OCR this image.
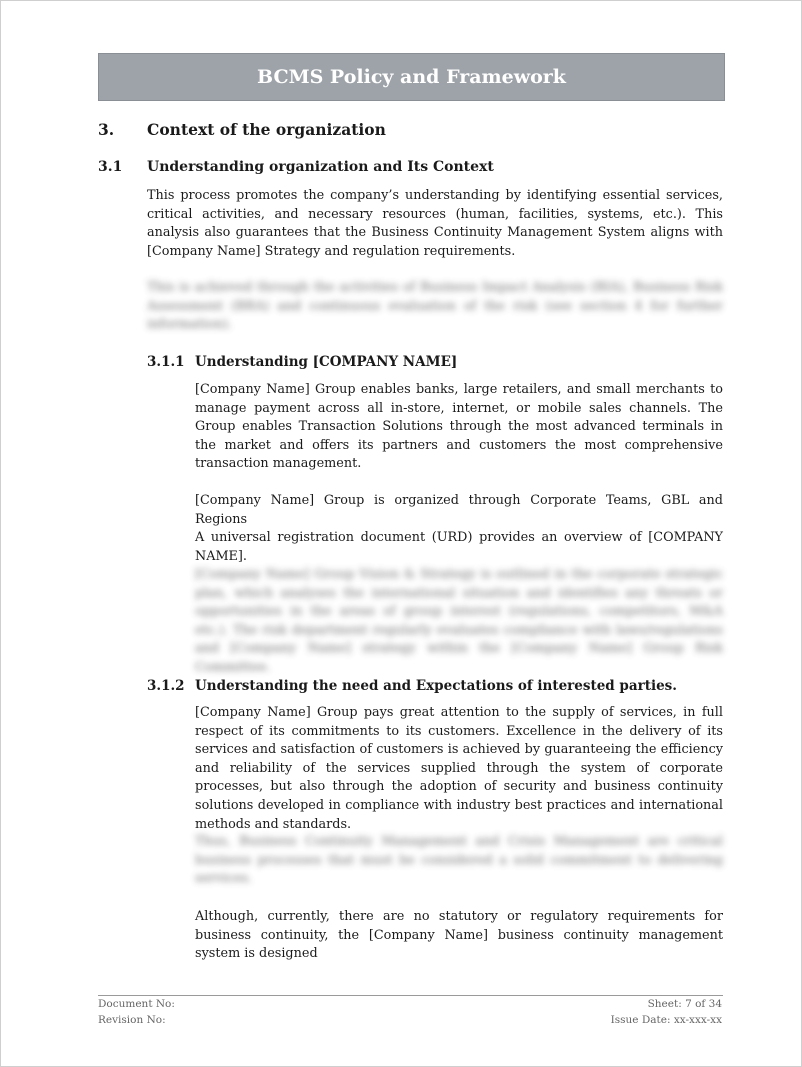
BCMS Policy and Framework
3. Context of the organization
3.1 Understanding organization and Its Context

This process promotes the company’s understanding by identifying essential services, critical activities, and necessary resources (human, facilities, systems, etc.). This analysis also guarantees that the Business Continuity Management System aligns with [Company Name] Strategy and regulation requirements.

This is achieved through the activities of Business Impact Analysis (BIA), Business Risk Assessment (BRA) and continuous evaluation of the risk (see section 4 for further information).

3.1.1 Understanding [COMPANY NAME]

[Company Name] Group enables banks, large retailers, and small merchants to manage payment across all in-store, internet, or mobile sales channels. The Group enables Transaction Solutions through the most advanced terminals in the market and offers its partners and customers the most comprehensive transaction management.

[Company Name] Group is organized through Corporate Teams, GBL and Regions

A universal registration document (URD) provides an overview of [COMPANY NAME].

[Company Name] Group Vision & Strategy is outlined in the corporate strategic plan, which analyses the international situation and identifies any threats or opportunities in the areas of group interest (regulations, competitors, M&A etc.). The risk department regularly evaluates compliance with laws/regulations and [Company Name] strategy within the [Company Name] Group Risk Committee.

3.1.2 Understanding the need and Expectations of interested parties.

[Company Name] Group pays great attention to the supply of services, in full respect of its commitments to its customers. Excellence in the delivery of its services and satisfaction of customers is achieved by guaranteeing the efficiency and reliability of the services supplied through the system of corporate processes, but also through the adoption of security and business continuity solutions developed in compliance with industry best practices and international methods and standards.

Thus, Business Continuity Management and Crisis Management are critical business processes that must be considered a solid commitment to delivering services.

Although, currently, there are no statutory or regulatory requirements for business continuity, the [Company Name] business continuity management system is designed

Document No:
Revision No:
Sheet: 7 of 34
Issue Date: xx-xxx-xx
